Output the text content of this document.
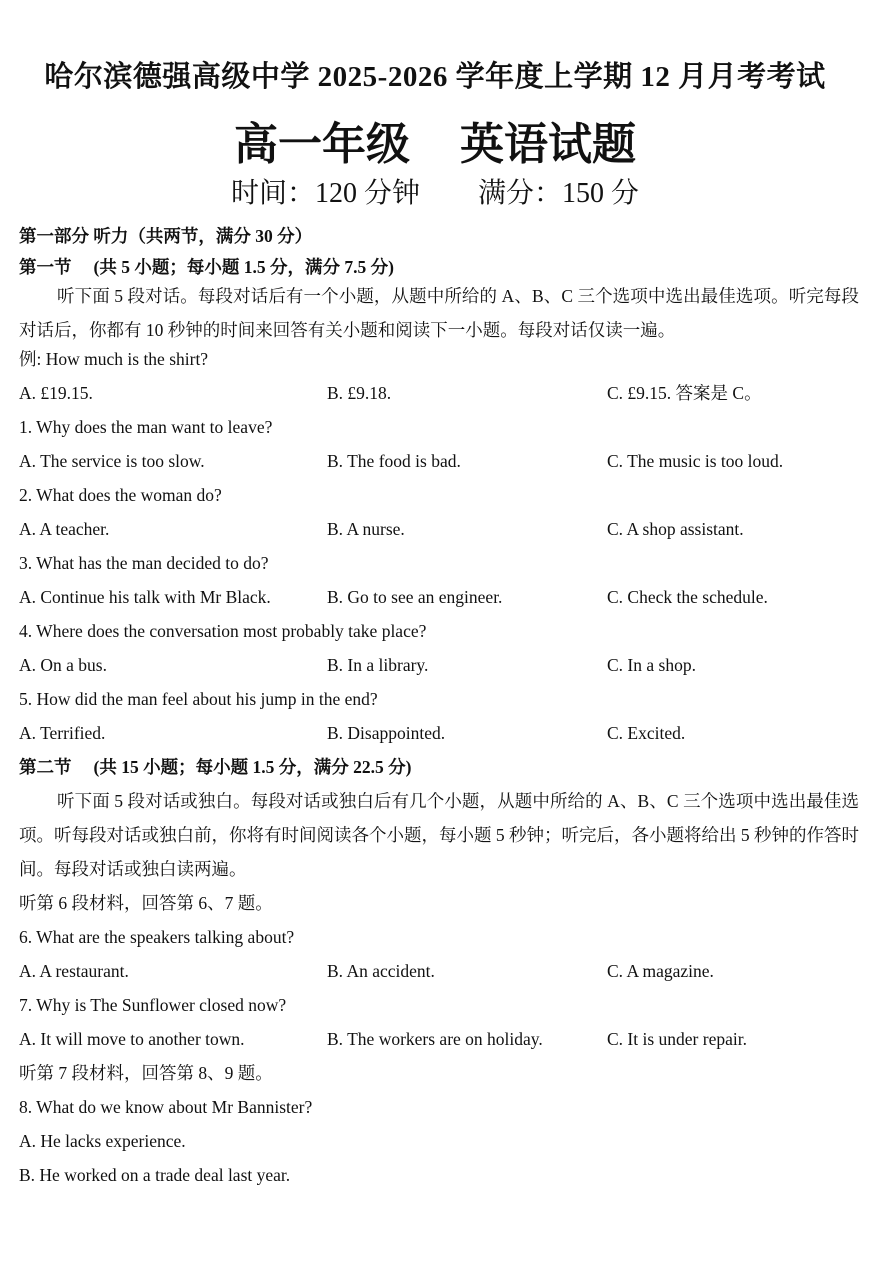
哈尔滨德强高级中学 2025-2026 学年度上学期 12 月月考考试
高一年级 英语试题
时间：120 分钟 满分：150 分
第一部分 听力（共两节，满分 30 分）
第一节 (共 5 小题；每小题 1.5 分，满分 7.5 分)
听下面 5 段对话。每段对话后有一个小题，从题中所给的 A、B、C 三个选项中选出最佳选项。听完每段对话后，你都有 10 秒钟的时间来回答有关小题和阅读下一小题。每段对话仅读一遍。
例: How much is the shirt?
A. £19.15.	B. £9.18.	C. £9.15. 答案是 C。
1. Why does the man want to leave?
A. The service is too slow.	B. The food is bad.	C. The music is too loud.
2. What does the woman do?
A. A teacher.	B. A nurse.	C. A shop assistant.
3. What has the man decided to do?
A. Continue his talk with Mr Black.	B. Go to see an engineer.	C. Check the schedule.
4. Where does the conversation most probably take place?
A. On a bus.	B. In a library.	C. In a shop.
5. How did the man feel about his jump in the end?
A. Terrified.	B. Disappointed.	C. Excited.
第二节 (共 15 小题；每小题 1.5 分，满分 22.5 分)
听下面 5 段对话或独白。每段对话或独白后有几个小题，从题中所给的 A、B、C 三个选项中选出最佳选项。听每段对话或独白前，你将有时间阅读各个小题，每小题 5 秒钟；听完后，各小题将给出 5 秒钟的作答时间。每段对话或独白读两遍。
听第 6 段材料，回答第 6、7 题。
6. What are the speakers talking about?
A. A restaurant.	B. An accident.	C. A magazine.
7. Why is The Sunflower closed now?
A. It will move to another town.	B. The workers are on holiday.	C. It is under repair.
听第 7 段材料，回答第 8、9 题。
8. What do we know about Mr Bannister?
A. He lacks experience.
B. He worked on a trade deal last year.
